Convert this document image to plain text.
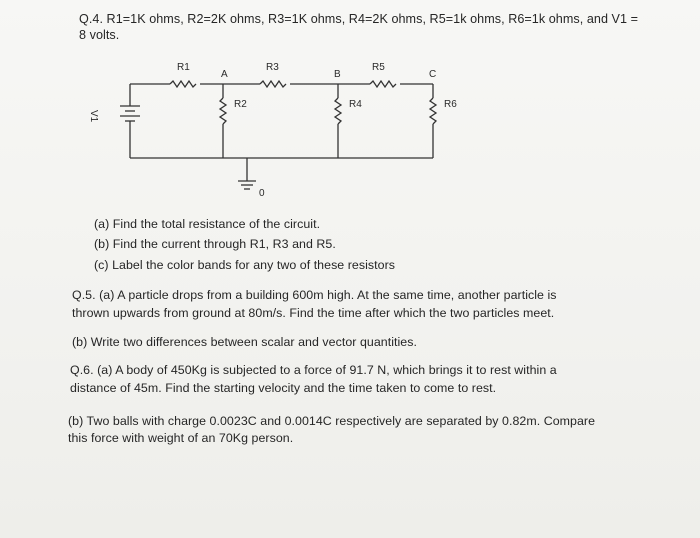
Q.4. R1=1K ohms, R2=2K ohms, R3=1K ohms, R4=2K ohms, R5=1k ohms, R6=1k ohms, and V1 =
8 volts.
R1
A
R3
B
R5
C
R2	R4	R6
V1
0
(a) Find the total resistance of the circuit.
(b) Find the current through R1, R3 and R5.
(c) Label the color bands for any two of these resistors
Q.5. (a) A particle drops from a building 600m high. At the same time, another particle is
thrown upwards from ground at 80m/s. Find the time after which the two particles meet.
(b) Write two differences between scalar and vector quantities.
Q.6. (a) A body of 450Kg is subjected to a force of 91.7 N, which brings it to rest within a
distance of 45m. Find the starting velocity and the time taken to come to rest.
(b) Two balls with charge 0.0023C and 0.0014C respectively are separated by 0.82m. Compare
this force with weight of an 70Kg person.
